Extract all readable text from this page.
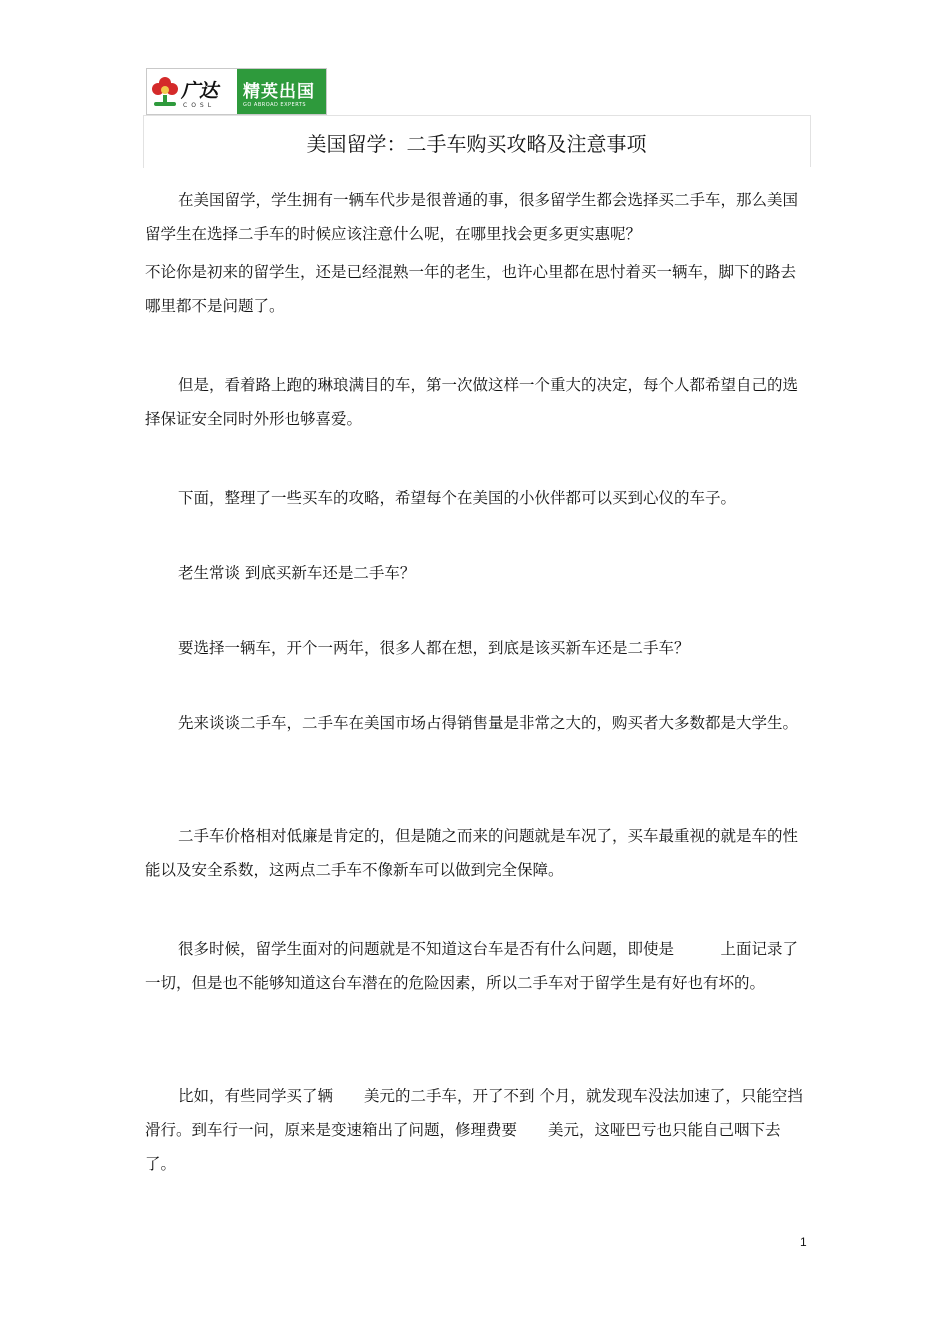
广达
COSL
精英出国
GO ABROAD EXPERTS
美国留学：二手车购买攻略及注意事项

在美国留学，学生拥有一辆车代步是很普通的事，很多留学生都会选择买二手车，那么美国留学生在选择二手车的时候应该注意什么呢，在哪里找会更多更实惠呢？

不论你是初来的留学生，还是已经混熟一年的老生，也许心里都在思忖着买一辆车，脚下的路去哪里都不是问题了。

但是，看着路上跑的琳琅满目的车，第一次做这样一个重大的决定，每个人都希望自己的选择保证安全同时外形也够喜爱。

下面，整理了一些买车的攻略，希望每个在美国的小伙伴都可以买到心仪的车子。

老生常谈 到底买新车还是二手车？

要选择一辆车，开个一两年，很多人都在想，到底是该买新车还是二手车？

先来谈谈二手车，二手车在美国市场占得销售量是非常之大的，购买者大多数都是大学生。

二手车价格相对低廉是肯定的，但是随之而来的问题就是车况了，买车最重视的就是车的性能以及安全系数，这两点二手车不像新车可以做到完全保障。

很多时候，留学生面对的问题就是不知道这台车是否有什么问题，即使是　　　上面记录了一切，但是也不能够知道这台车潜在的危险因素，所以二手车对于留学生是有好也有坏的。

比如，有些同学买了辆　　美元的二手车，开了不到 个月，就发现车没法加速了，只能空挡滑行。到车行一问，原来是变速箱出了问题，修理费要　　美元，这哑巴亏也只能自己咽下去了。

1
